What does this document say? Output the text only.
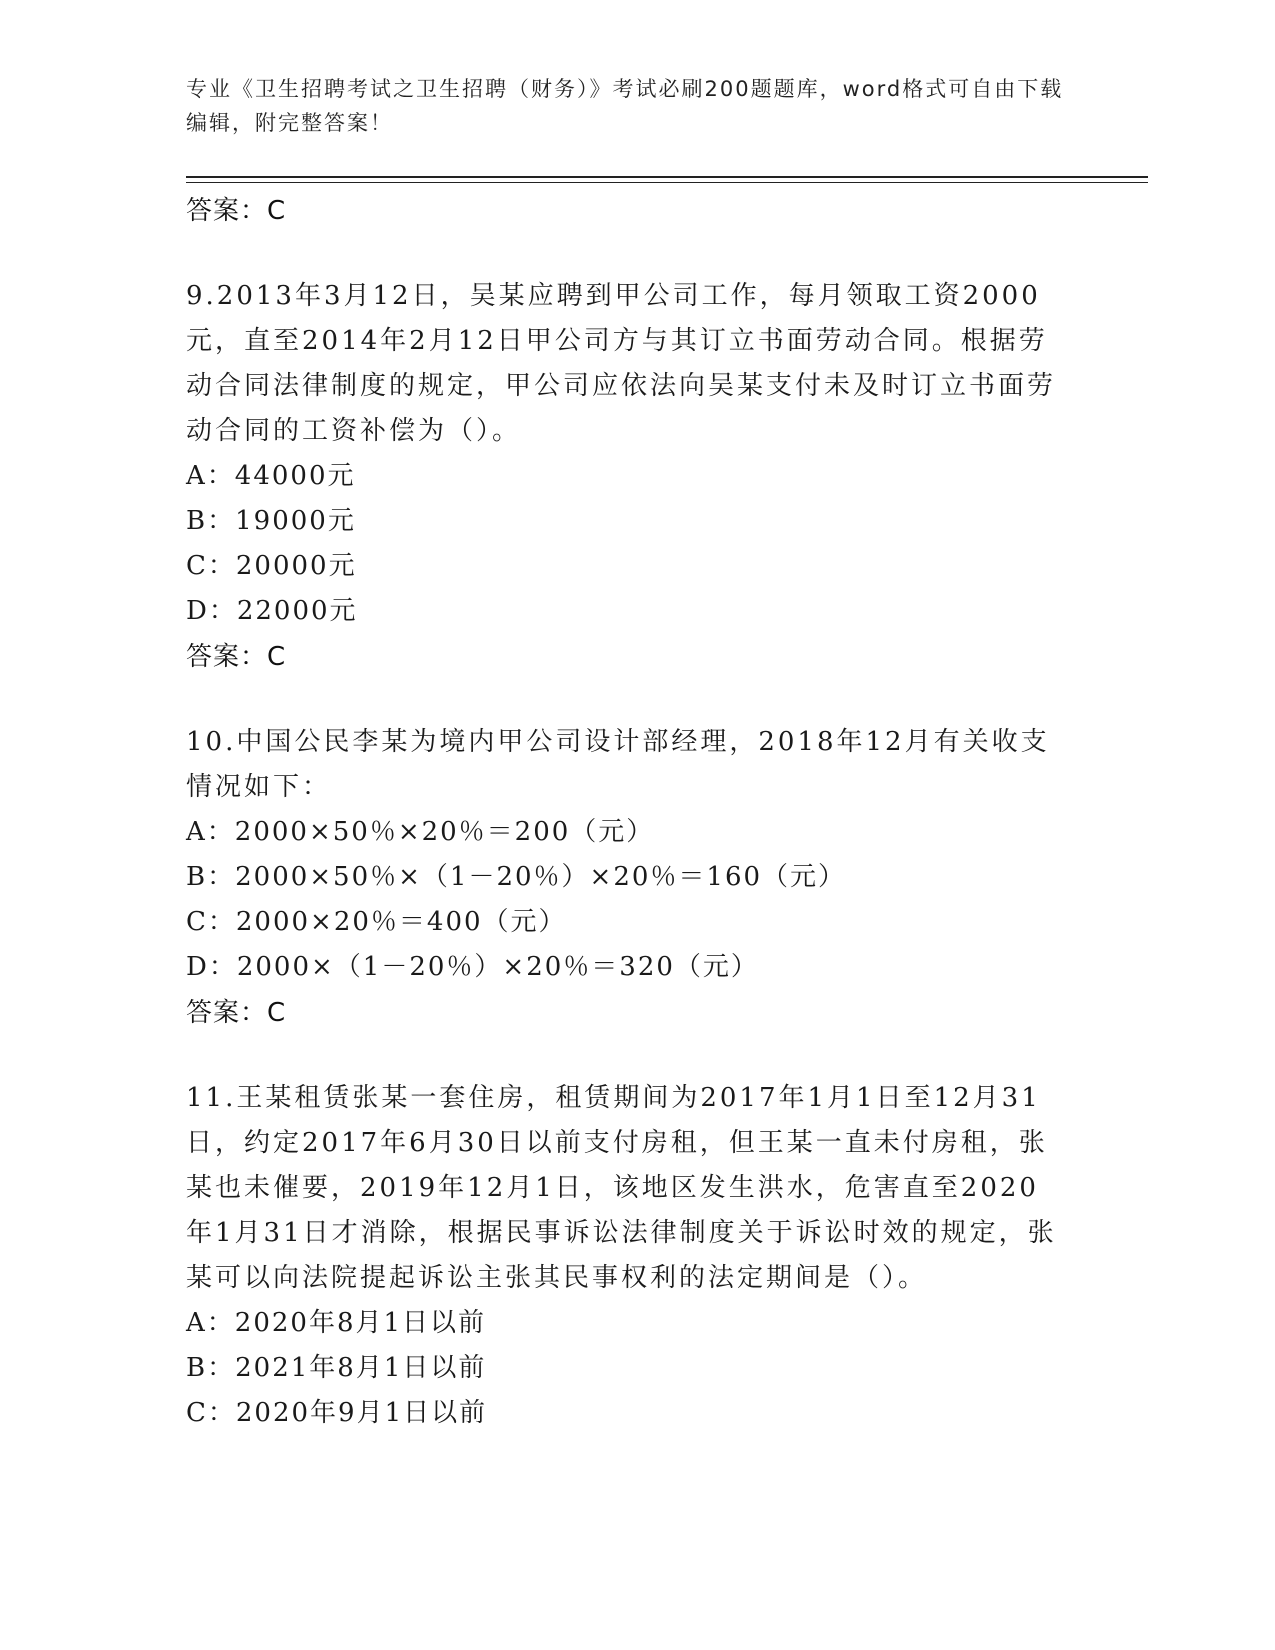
专业《卫生招聘考试之卫生招聘（财务）》考试必刷200题题库，word格式可自由下载编辑，附完整答案！
答案：C
9.2013年3月12日，吴某应聘到甲公司工作，每月领取工资2000元，直至2014年2月12日甲公司方与其订立书面劳动合同。根据劳动合同法律制度的规定，甲公司应依法向吴某支付未及时订立书面劳动合同的工资补偿为（）。
A：44000元
B：19000元
C：20000元
D：22000元
答案：C
10.中国公民李某为境内甲公司设计部经理，2018年12月有关收支情况如下：
A：2000×50％×20％＝200（元）
B：2000×50％×（1－20％）×20％＝160（元）
C：2000×20％＝400（元）
D：2000×（1－20％）×20％＝320（元）
答案：C
11.王某租赁张某一套住房，租赁期间为2017年1月1日至12月31日，约定2017年6月30日以前支付房租，但王某一直未付房租，张某也未催要，2019年12月1日，该地区发生洪水，危害直至2020年1月31日才消除，根据民事诉讼法律制度关于诉讼时效的规定，张某可以向法院提起诉讼主张其民事权利的法定期间是（）。
A：2020年8月1日以前
B：2021年8月1日以前
C：2020年9月1日以前
